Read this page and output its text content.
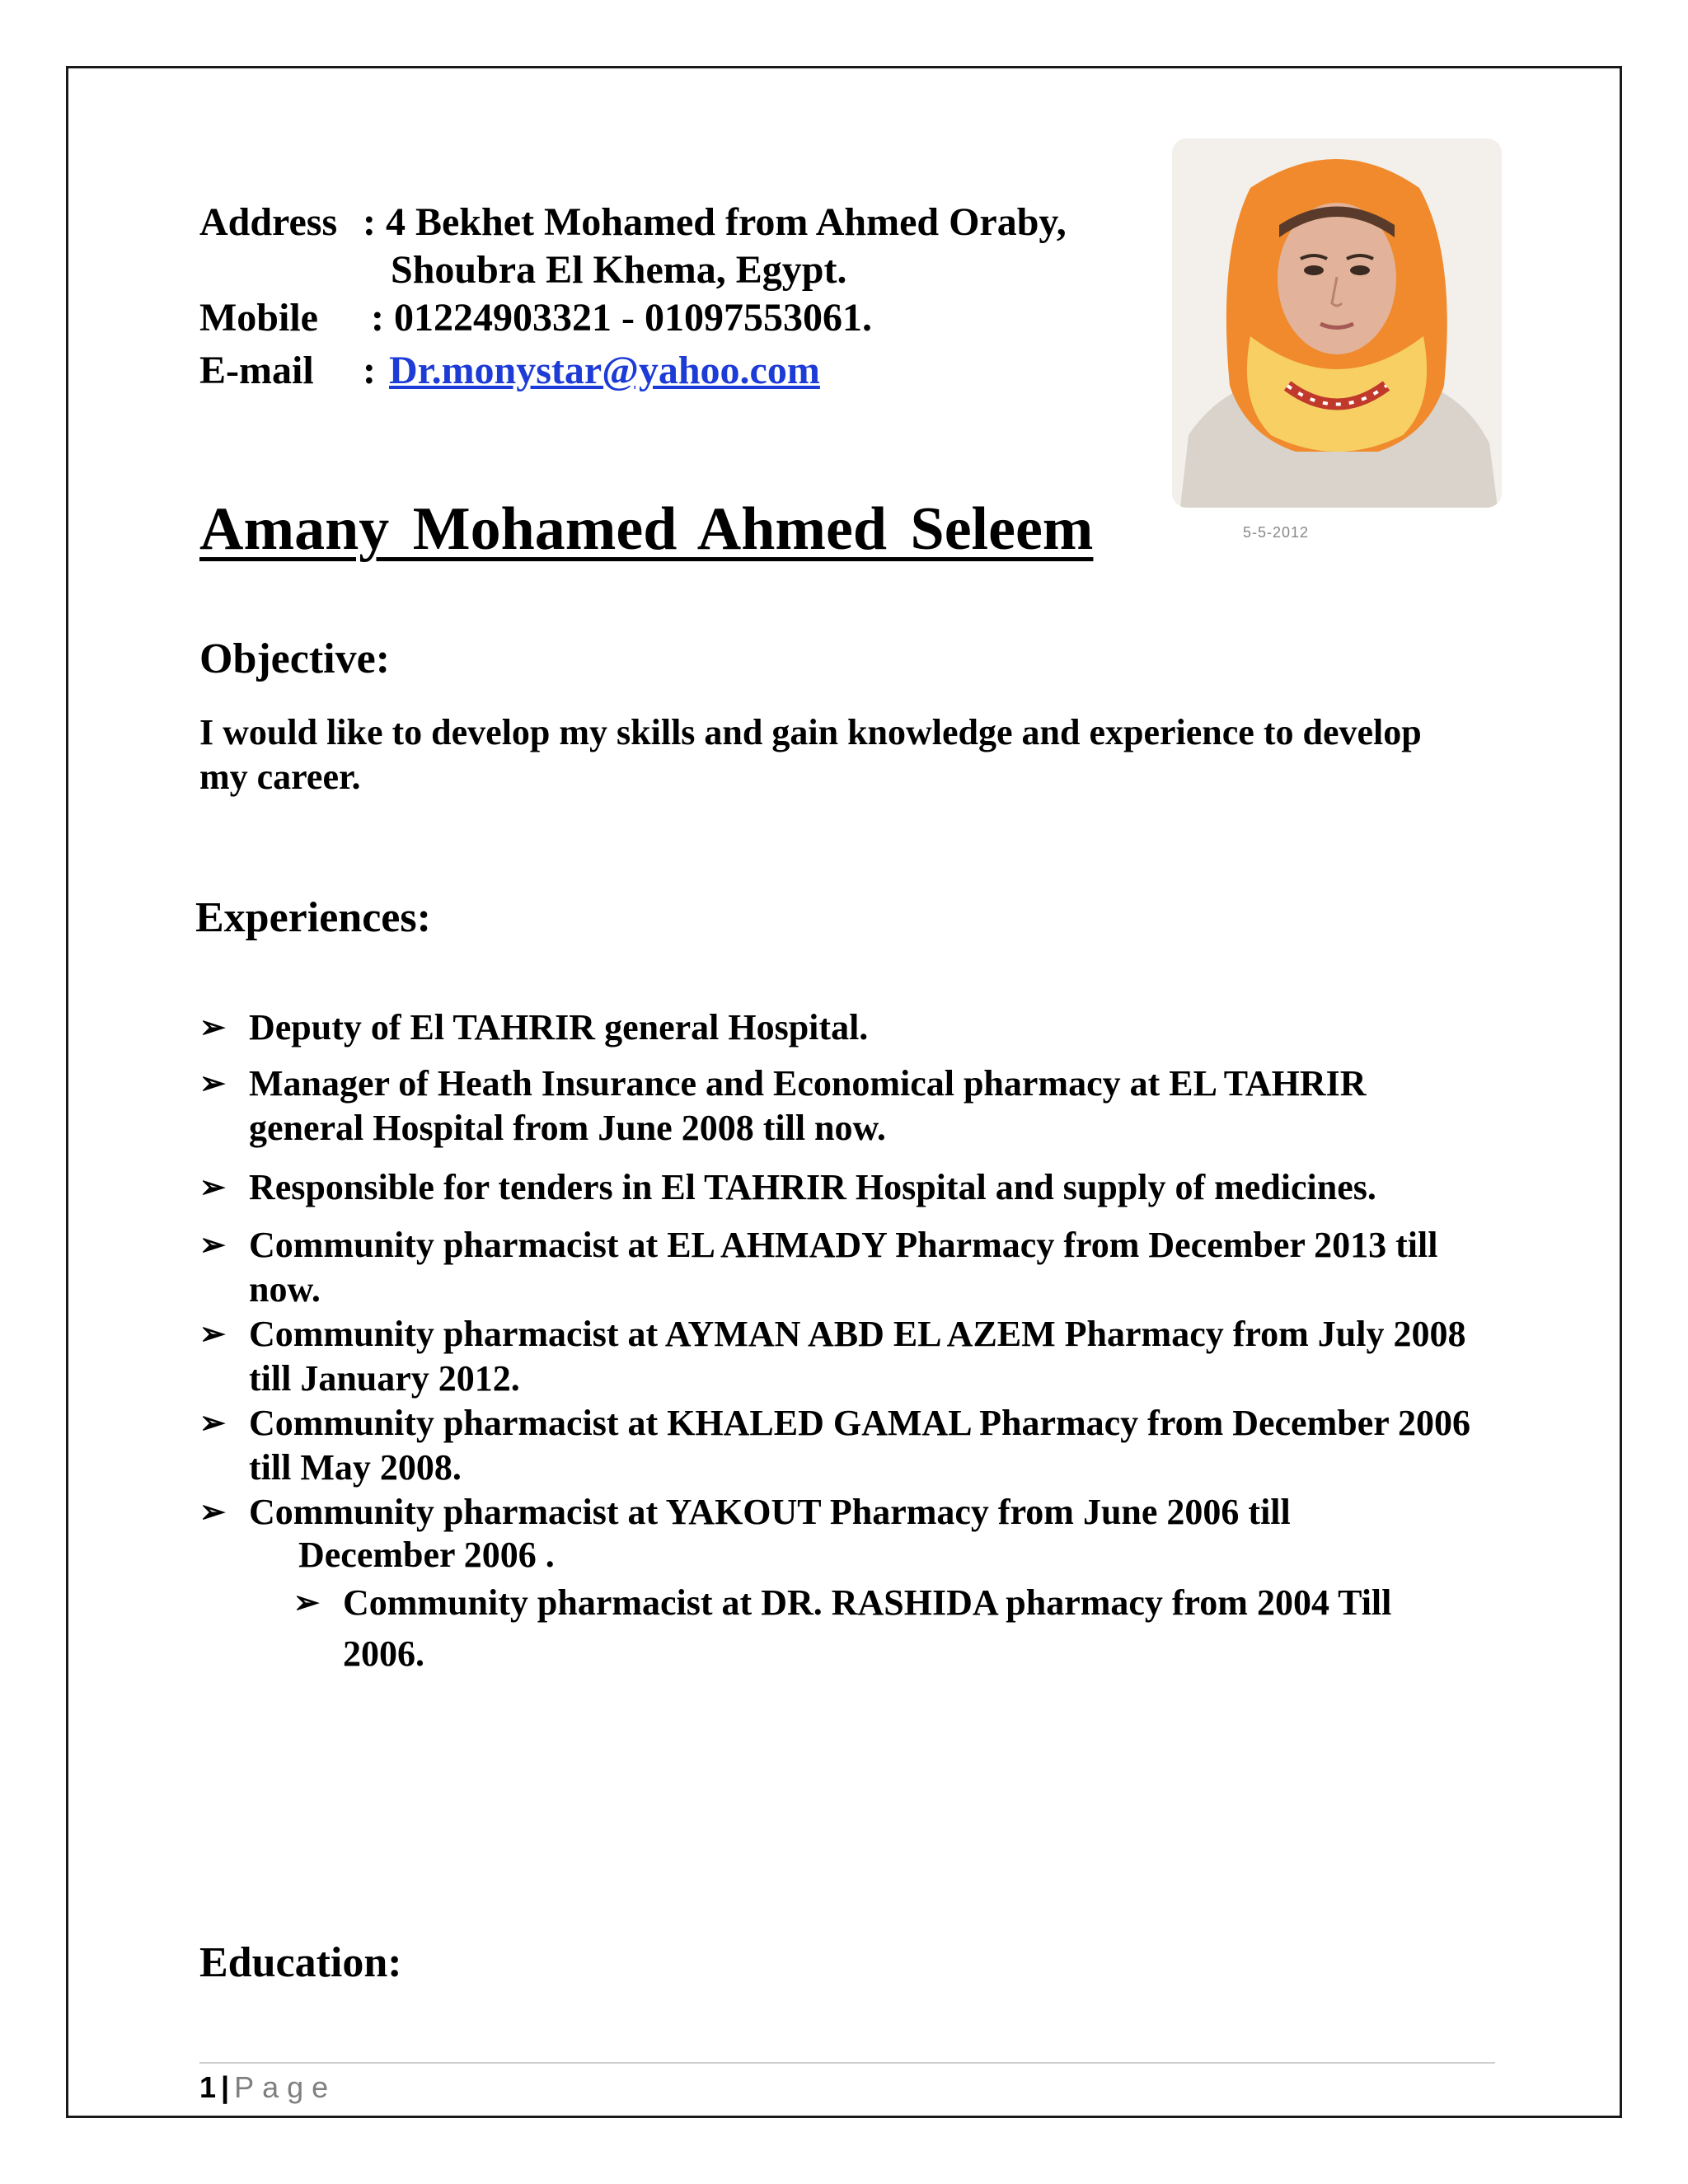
Address : 4 Bekhet Mohamed from Ahmed Oraby,
Shoubra El Khema, Egypt.
Mobile : 01224903321 - 01097553061.
E-mail : Dr.monystar@yahoo.com
5-5-2012
Amany Mohamed Ahmed Seleem
Objective:
I would like to develop my skills and gain knowledge and experience to develop my career.
Experiences:
➢ Deputy of El TAHRIR general Hospital.
➢ Manager of Heath Insurance and Economical pharmacy at EL TAHRIR general Hospital from June 2008 till now.
➢ Responsible for tenders in El TAHRIR Hospital and supply of medicines.
➢ Community pharmacist at EL AHMADY Pharmacy from December 2013 till now.
➢ Community pharmacist at AYMAN ABD EL AZEM Pharmacy from July 2008 till January 2012.
➢ Community pharmacist at KHALED GAMAL Pharmacy from December 2006 till May 2008.
➢ Community pharmacist at YAKOUT Pharmacy from June 2006 till
December 2006 .
➢ Community pharmacist at DR. RASHIDA pharmacy from 2004 Till
2006.
Education:
1 | Page
